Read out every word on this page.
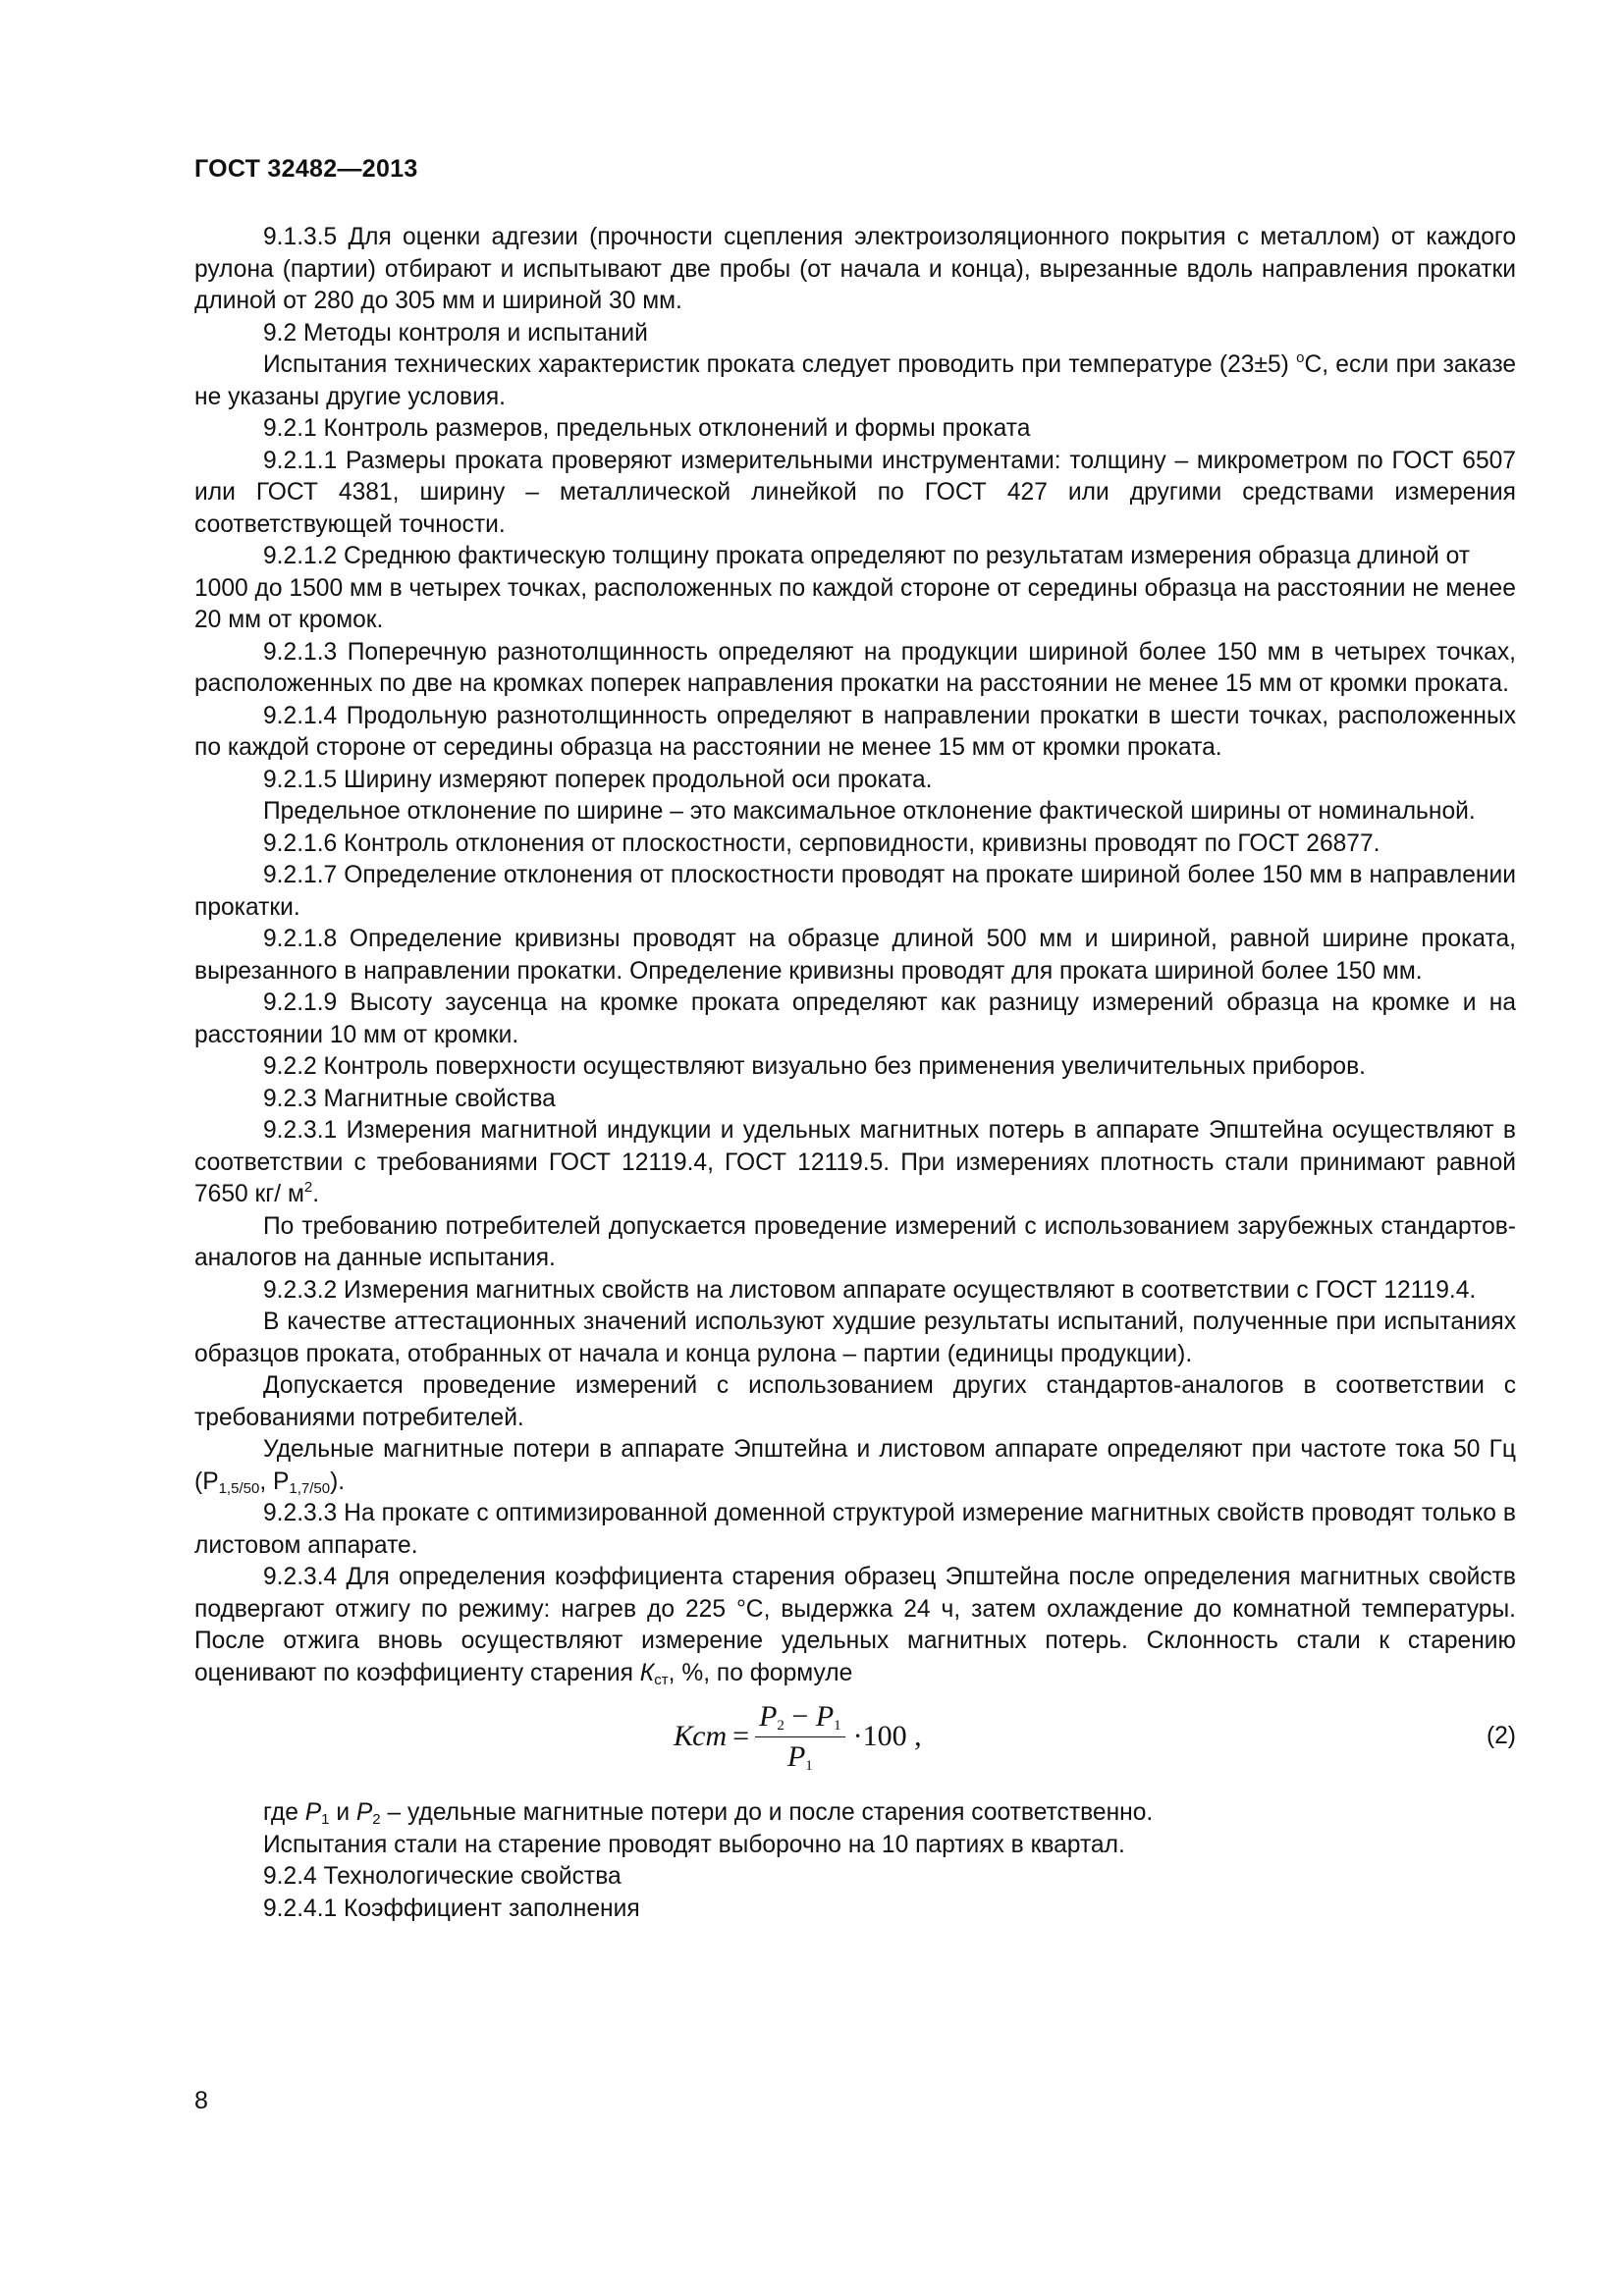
ГОСТ 32482—2013

9.1.3.5 Для оценки адгезии (прочности сцепления электроизоляционного покрытия с металлом) от каждого рулона (партии) отбирают и испытывают две пробы (от начала и конца), вырезанные вдоль направления прокатки длиной от 280 до 305 мм и шириной 30 мм.

9.2 Методы контроля и испытаний

Испытания технических характеристик проката следует проводить при температуре (23±5) $^o$С, если при заказе не указаны другие условия.

9.2.1 Контроль размеров, предельных отклонений и формы проката

9.2.1.1 Размеры проката проверяют измерительными инструментами: толщину – микрометром по ГОСТ 6507 или ГОСТ 4381, ширину – металлической линейкой по ГОСТ 427 или другими средствами измерения соответствующей точности.

9.2.1.2 Среднюю фактическую толщину проката определяют по результатам измерения образца длиной от 1000 до 1500 мм в четырех точках, расположенных по каждой стороне от середины образца на расстоянии не менее 20 мм от кромок.

9.2.1.3 Поперечную разнотолщинность определяют на продукции шириной более 150 мм в четырех точках, расположенных по две на кромках поперек направления прокатки на расстоянии не менее 15 мм от кромки проката.

9.2.1.4 Продольную разнотолщинность определяют в направлении прокатки в шести точках, расположенных по каждой стороне от середины образца на расстоянии не менее 15 мм от кромки проката.

9.2.1.5 Ширину измеряют поперек продольной оси проката.

Предельное отклонение по ширине – это максимальное отклонение фактической ширины от номинальной.

9.2.1.6 Контроль отклонения от плоскостности, серповидности, кривизны проводят по ГОСТ 26877.

9.2.1.7 Определение отклонения от плоскостности проводят на прокате шириной более 150 мм в направлении прокатки.

9.2.1.8 Определение кривизны проводят на образце длиной 500 мм и шириной, равной ширине проката, вырезанного в направлении прокатки. Определение кривизны проводят для проката шириной более 150 мм.

9.2.1.9 Высоту заусенца на кромке проката определяют как разницу измерений образца на кромке и на расстоянии 10 мм от кромки.

9.2.2 Контроль поверхности осуществляют визуально без применения увеличительных приборов.

9.2.3 Магнитные свойства

9.2.3.1 Измерения магнитной индукции и удельных магнитных потерь в аппарате Эпштейна осуществляют в соответствии с требованиями ГОСТ 12119.4, ГОСТ 12119.5. При измерениях плотность стали принимают равной 7650 кг/ $м^2$.

По требованию потребителей допускается проведение измерений с использованием зарубежных стандартов-аналогов на данные испытания.

9.2.3.2 Измерения магнитных свойств на листовом аппарате осуществляют в соответствии с ГОСТ 12119.4.

В качестве аттестационных значений используют худшие результаты испытаний, полученные при испытаниях образцов проката, отобранных от начала и конца рулона – партии (единицы продукции).

Допускается проведение измерений с использованием других стандартов-аналогов в соответствии с требованиями потребителей.

Удельные магнитные потери в аппарате Эпштейна и листовом аппарате определяют при частоте тока 50 Гц ($Р_{1,5/50}$, $Р_{1,7/50}$).

9.2.3.3 На прокате с оптимизированной доменной структурой измерение магнитных свойств проводят только в листовом аппарате.

9.2.3.4 Для определения коэффициента старения образец Эпштейна после определения магнитных свойств подвергают отжигу по режиму: нагрев до 225 °С, выдержка 24 ч, затем охлаждение до комнатной температуры. После отжига вновь осуществляют измерение удельных магнитных потерь. Склонность стали к старению оценивают по коэффициенту старения $К_{ст}$, %, по формуле

Кст = $\frac{P_2 - P_1}{P_1} \cdot 100$ ,	(2)

где $Р_1$ и $Р_2$ – удельные магнитные потери до и после старения соответственно.

Испытания стали на старение проводят выборочно на 10 партиях в квартал.

9.2.4 Технологические свойства

9.2.4.1 Коэффициент заполнения

8
